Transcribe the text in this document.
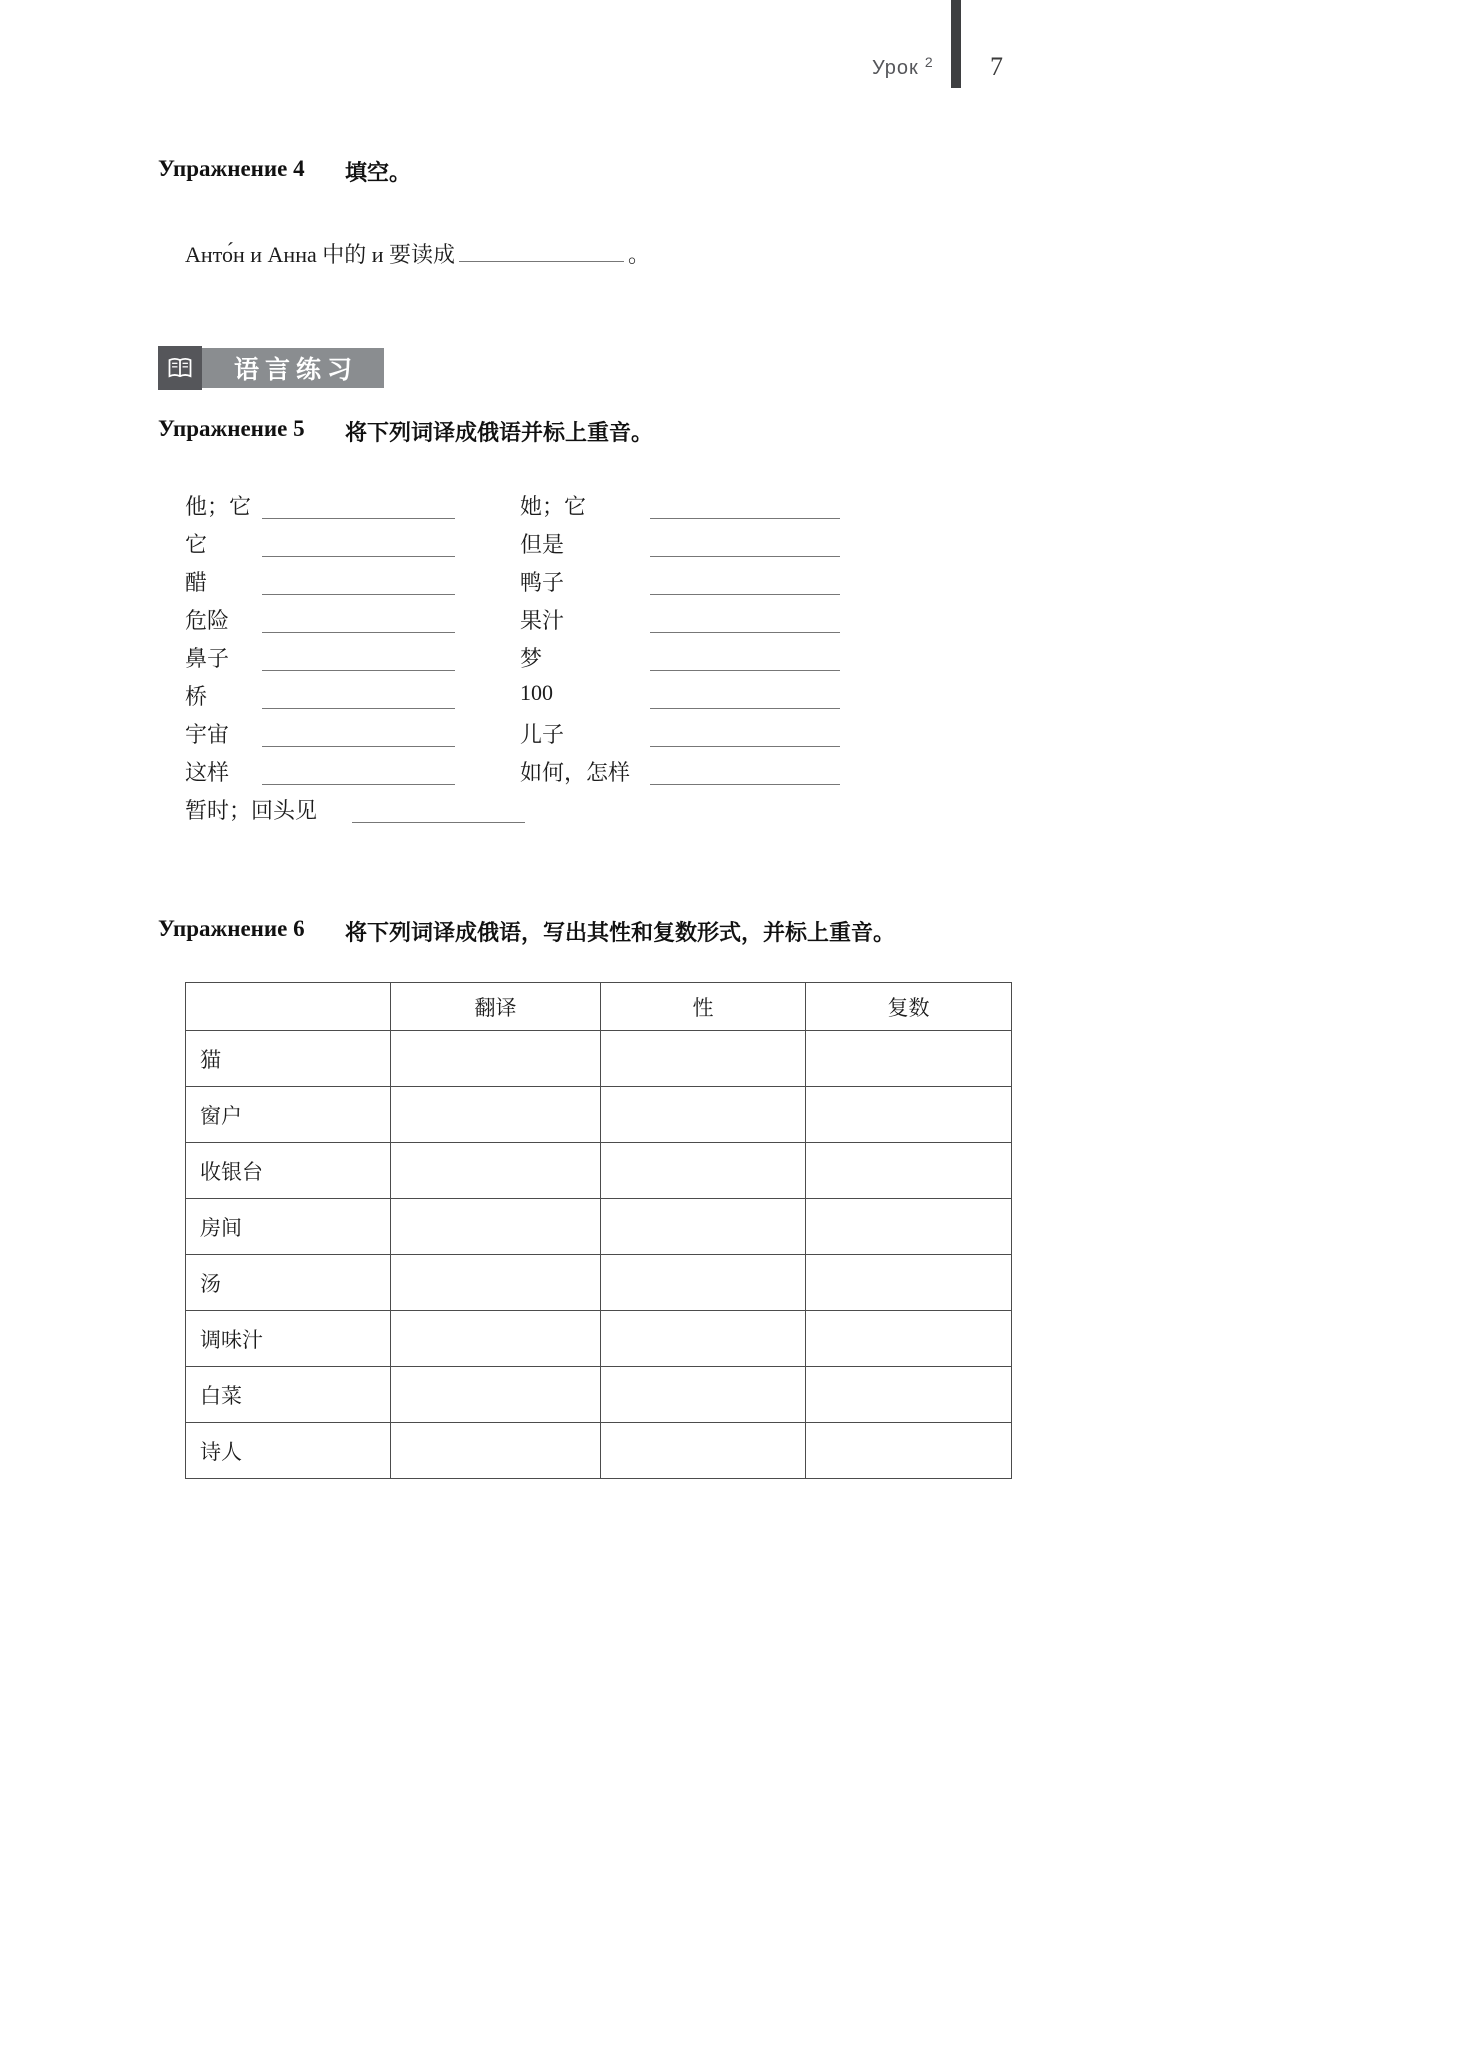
Урок $^2$ 7
Упражнение 4 填空。
Анто́н и Анна 中的 и 要读成	。
语言练习
Упражнение 5 将下列词译成俄语并标上重音。
他；它	她；它
它	但是
醋	鸭子
危险	果汁
鼻子	梦
桥	100
宇宙	儿子
这样	如何，怎样
暂时；回头见
Упражнение 6 将下列词译成俄语，写出其性和复数形式，并标上重音。
	翻译	性	复数
猫			
窗户			
收银台			
房间			
汤			
调味汁			
白菜			
诗人			
